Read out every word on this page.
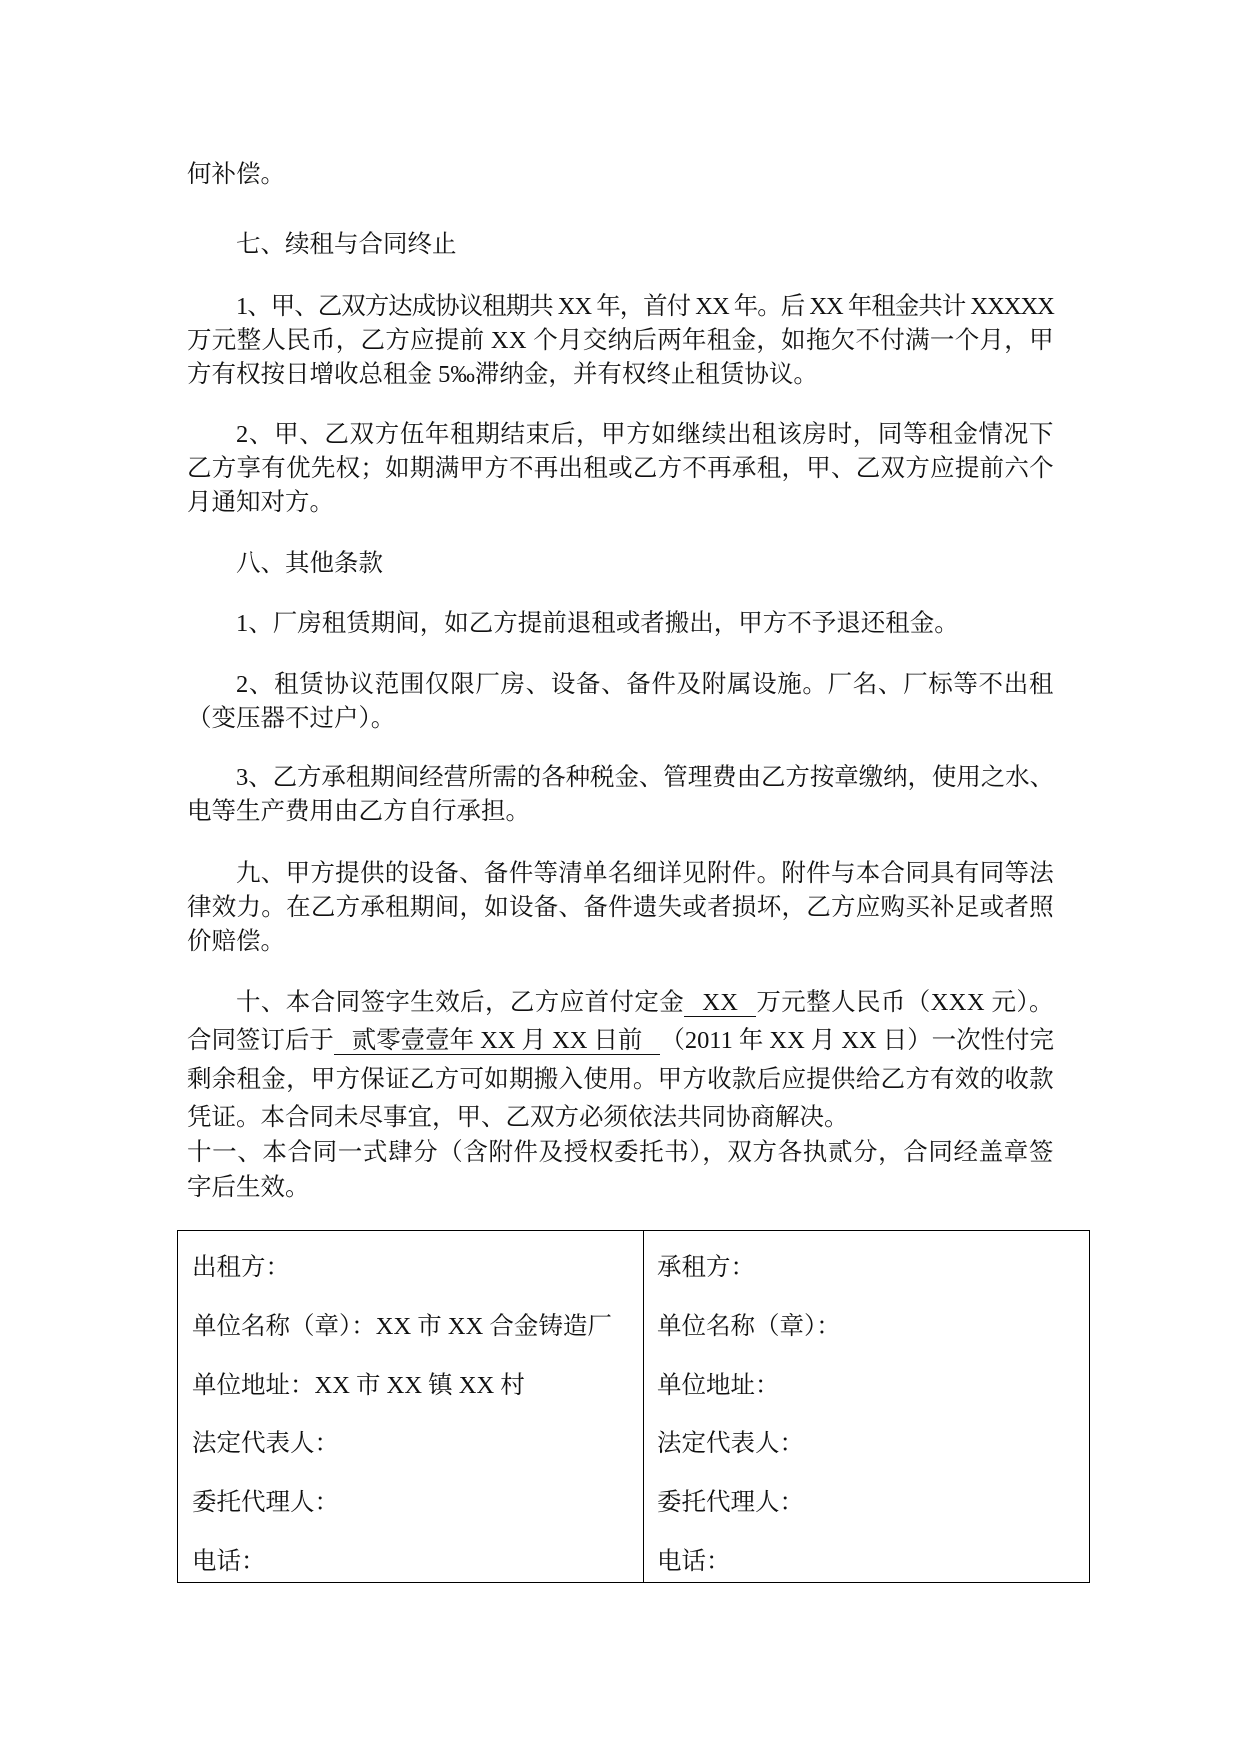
何补偿。
七、续租与合同终止
1、甲、乙双方达成协议租期共 XX 年，首付 XX 年。后 XX 年租金共计 XXXXX
万元整人民币，乙方应提前 XX 个月交纳后两年租金，如拖欠不付满一个月，甲
方有权按日增收总租金 5‰滞纳金，并有权终止租赁协议。
2、甲、乙双方伍年租期结束后，甲方如继续出租该房时，同等租金情况下
乙方享有优先权；如期满甲方不再出租或乙方不再承租，甲、乙双方应提前六个
月通知对方。
八、其他条款
1、厂房租赁期间，如乙方提前退租或者搬出，甲方不予退还租金。
2、租赁协议范围仅限厂房、设备、备件及附属设施。厂名、厂标等不出租
（变压器不过户）。
3、乙方承租期间经营所需的各种税金、管理费由乙方按章缴纳，使用之水、
电等生产费用由乙方自行承担。
九、甲方提供的设备、备件等清单名细详见附件。附件与本合同具有同等法
律效力。在乙方承租期间，如设备、备件遗失或者损坏，乙方应购买补足或者照
价赔偿。
十、本合同签字生效后，乙方应首付定金 XX 万元整人民币（XXX 元）。
合同签订后于 贰零壹壹年 XX 月 XX 日前 （2011 年 XX 月 XX 日）一次性付完
剩余租金，甲方保证乙方可如期搬入使用。甲方收款后应提供给乙方有效的收款
凭证。本合同未尽事宜，甲、乙双方必须依法共同协商解决。
十一、本合同一式肆分（含附件及授权委托书），双方各执贰分，合同经盖章签
字后生效。
出租方：
单位名称（章）：XX 市 XX 合金铸造厂
单位地址：XX 市 XX 镇 XX 村
法定代表人：
委托代理人：
电话：
承租方：
单位名称（章）：
单位地址：
法定代表人：
委托代理人：
电话：
